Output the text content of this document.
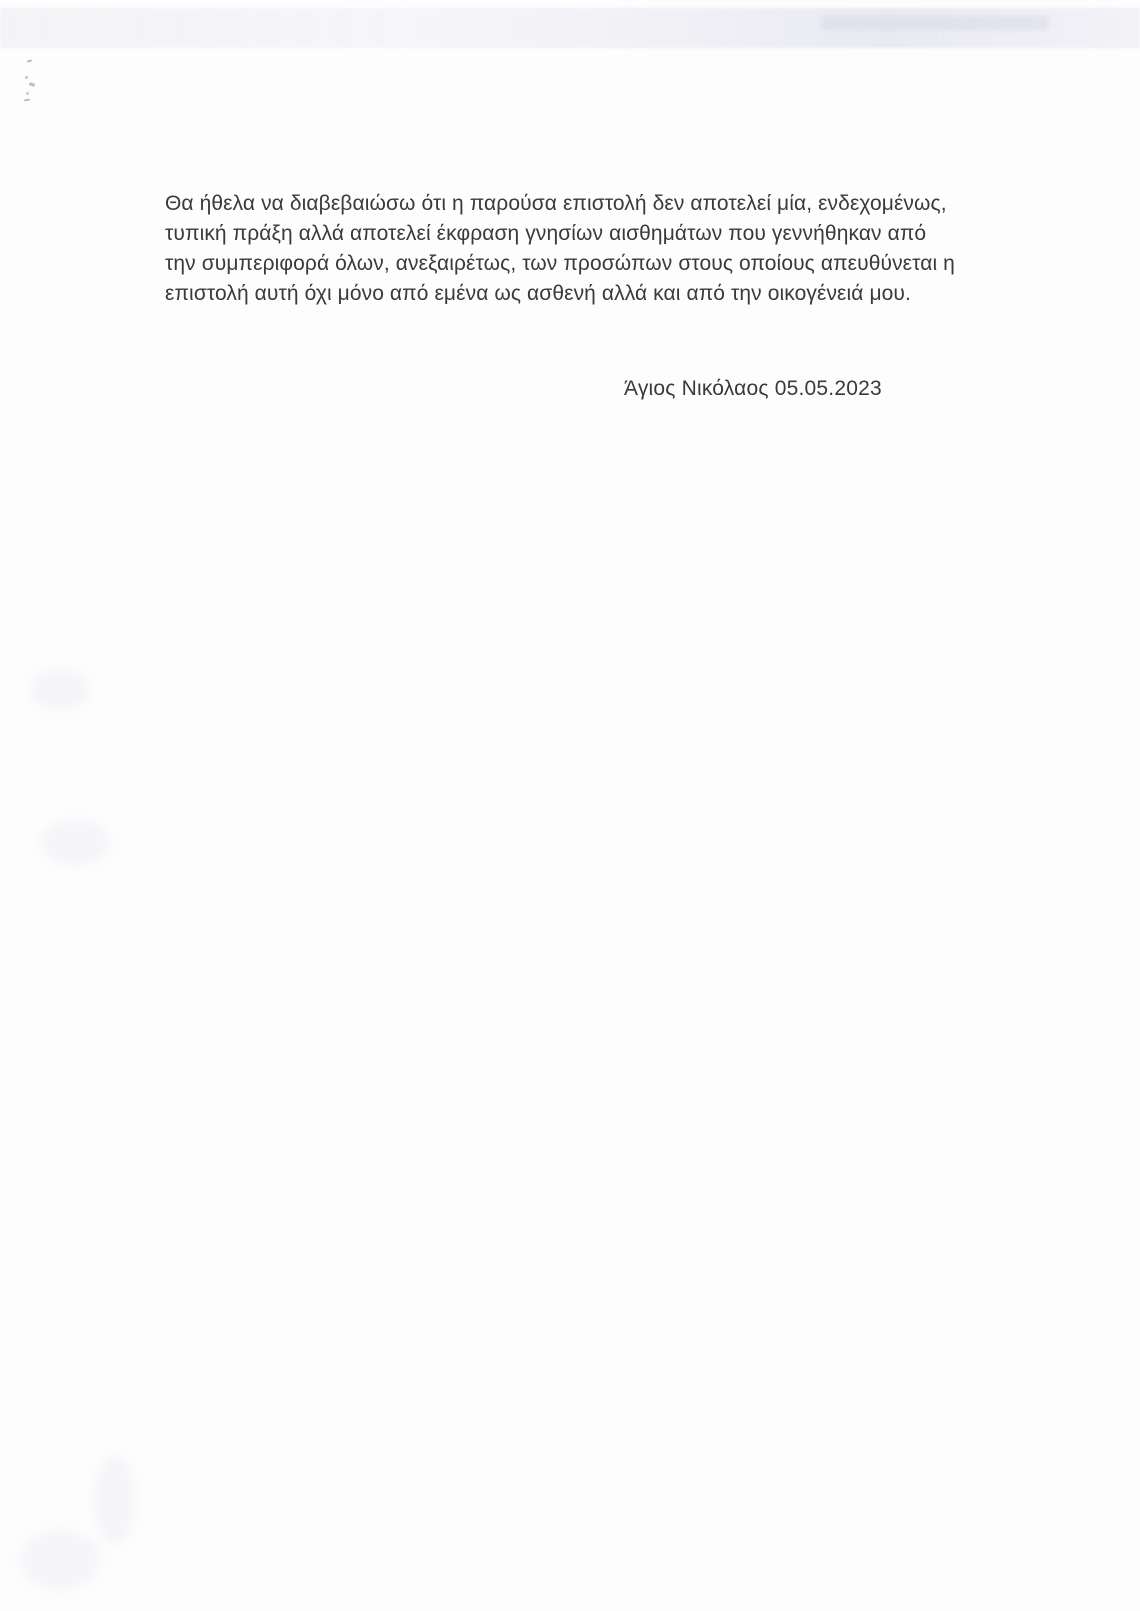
Θα ήθελα να διαβεβαιώσω ότι η παρούσα επιστολή δεν αποτελεί μία, ενδεχομένως,
τυπική πράξη αλλά αποτελεί έκφραση γνησίων αισθημάτων που γεννήθηκαν από
την συμπεριφορά όλων, ανεξαιρέτως, των προσώπων στους οποίους απευθύνεται η
επιστολή αυτή όχι μόνο από εμένα ως ασθενή αλλά και από την οικογένειά μου.
Άγιος Νικόλαος 05.05.2023
